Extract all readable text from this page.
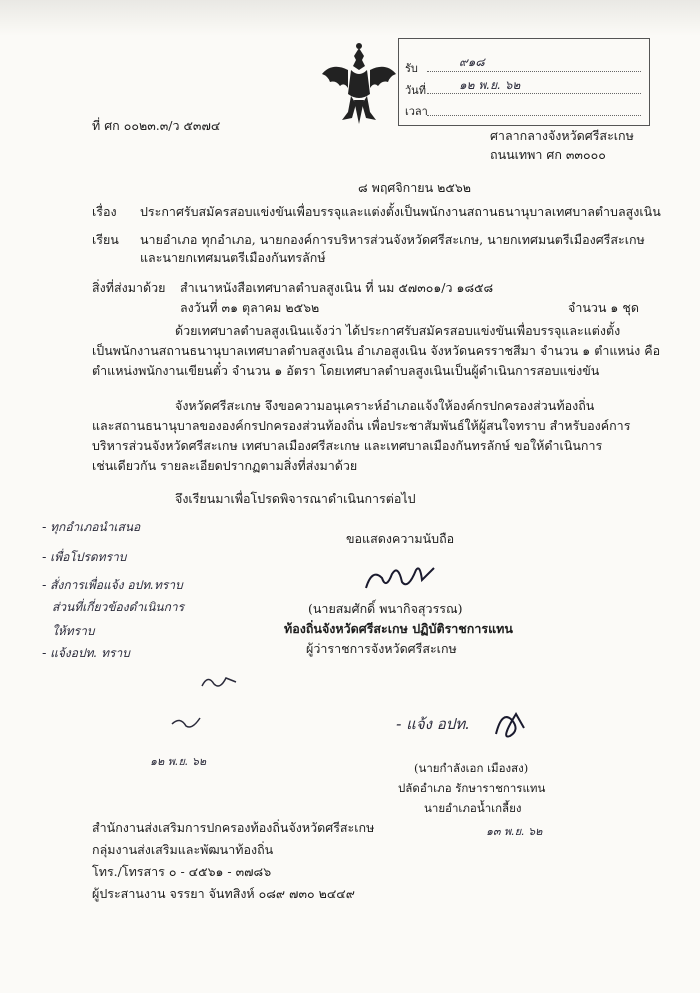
รับ	๙๑๘
วันที่	๑๒ พ.ย. ๖๒
เวลา
ที่ ศก ๐๐๒๓.๓/ว ๕๓๗๔
ศาลากลางจังหวัดศรีสะเกษ
ถนนเทพา ศก ๓๓๐๐๐
๘ พฤศจิกายน ๒๕๖๒
เรื่อง ประกาศรับสมัครสอบแข่งขันเพื่อบรรจุและแต่งตั้งเป็นพนักงานสถานธนานุบาลเทศบาลตำบลสูงเนิน
เรียน นายอำเภอ ทุกอำเภอ, นายกองค์การบริหารส่วนจังหวัดศรีสะเกษ, นายกเทศมนตรีเมืองศรีสะเกษ
และนายกเทศมนตรีเมืองกันทรลักษ์
สิ่งที่ส่งมาด้วย สำเนาหนังสือเทศบาลตำบลสูงเนิน ที่ นม ๕๗๓๐๑/ว ๑๘๕๘
ลงวันที่ ๓๑ ตุลาคม ๒๕๖๒	จำนวน ๑ ชุด
ด้วยเทศบาลตำบลสูงเนินแจ้งว่า ได้ประกาศรับสมัครสอบแข่งขันเพื่อบรรจุและแต่งตั้ง
เป็นพนักงานสถานธนานุบาลเทศบาลตำบลสูงเนิน อำเภอสูงเนิน จังหวัดนครราชสีมา จำนวน ๑ ตำแหน่ง คือ
ตำแหน่งพนักงานเขียนตั๋ว จำนวน ๑ อัตรา โดยเทศบาลตำบลสูงเนินเป็นผู้ดำเนินการสอบแข่งขัน
จังหวัดศรีสะเกษ จึงขอความอนุเคราะห์อำเภอแจ้งให้องค์กรปกครองส่วนท้องถิ่น
และสถานธนานุบาลขององค์กรปกครองส่วนท้องถิ่น เพื่อประชาสัมพันธ์ให้ผู้สนใจทราบ สำหรับองค์การ
บริหารส่วนจังหวัดศรีสะเกษ เทศบาลเมืองศรีสะเกษ และเทศบาลเมืองกันทรลักษ์ ขอให้ดำเนินการ
เช่นเดียวกัน รายละเอียดปรากฏตามสิ่งที่ส่งมาด้วย
จึงเรียนมาเพื่อโปรดพิจารณาดำเนินการต่อไป
ขอแสดงความนับถือ
(นายสมศักดิ์ พนากิจสุวรรณ)
ท้องถิ่นจังหวัดศรีสะเกษ ปฏิบัติราชการแทน
ผู้ว่าราชการจังหวัดศรีสะเกษ
- ทุกอำเภอนำเสนอ
- เพื่อโปรดทราบ
- สั่งการเพื่อแจ้ง อปท.ทราบ
ส่วนที่เกี่ยวข้องดำเนินการ
ให้ทราบ
- แจ้งอปท. ทราบ
๑๒ พ.ย. ๖๒
- แจ้ง อปท.
(นายกำลังเอก เมืองสง)
ปลัดอำเภอ รักษาราชการแทน
นายอำเภอน้ำเกลี้ยง
๑๓ พ.ย. ๖๒
สำนักงานส่งเสริมการปกครองท้องถิ่นจังหวัดศรีสะเกษ
กลุ่มงานส่งเสริมและพัฒนาท้องถิ่น
โทร./โทรสาร ๐ - ๔๕๖๑ - ๓๗๘๖
ผู้ประสานงาน จรรยา จันทสิงห์ ๐๘๙ ๗๓๐ ๒๔๔๙
